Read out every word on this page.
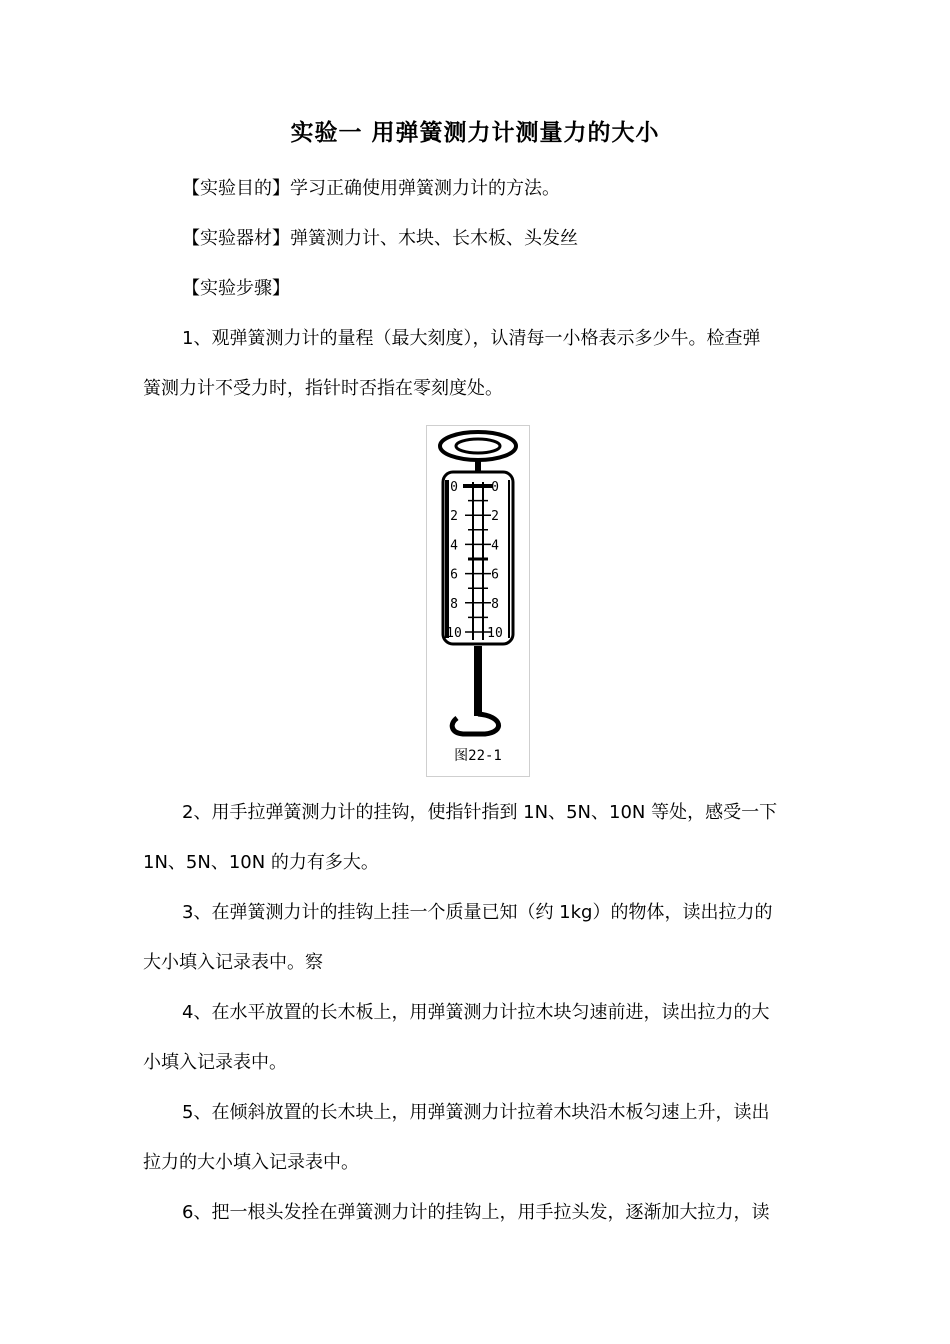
实验一 用弹簧测力计测量力的大小
【实验目的】学习正确使用弹簧测力计的方法。
【实验器材】弹簧测力计、木块、长木板、头发丝
【实验步骤】
1、观弹簧测力计的量程（最大刻度），认清每一小格表示多少牛。检查弹
簧测力计不受力时，指针时否指在零刻度处。
0
2
4
6
8
10
0
2
4
6
8
10
图22-1
2、用手拉弹簧测力计的挂钩，使指针指到 1N、5N、10N 等处，感受一下
1N、5N、10N 的力有多大。
3、在弹簧测力计的挂钩上挂一个质量已知（约 1kg）的物体，读出拉力的
大小填入记录表中。察
4、在水平放置的长木板上，用弹簧测力计拉木块匀速前进，读出拉力的大
小填入记录表中。
5、在倾斜放置的长木块上，用弹簧测力计拉着木块沿木板匀速上升，读出
拉力的大小填入记录表中。
6、把一根头发拴在弹簧测力计的挂钩上，用手拉头发，逐渐加大拉力，读
